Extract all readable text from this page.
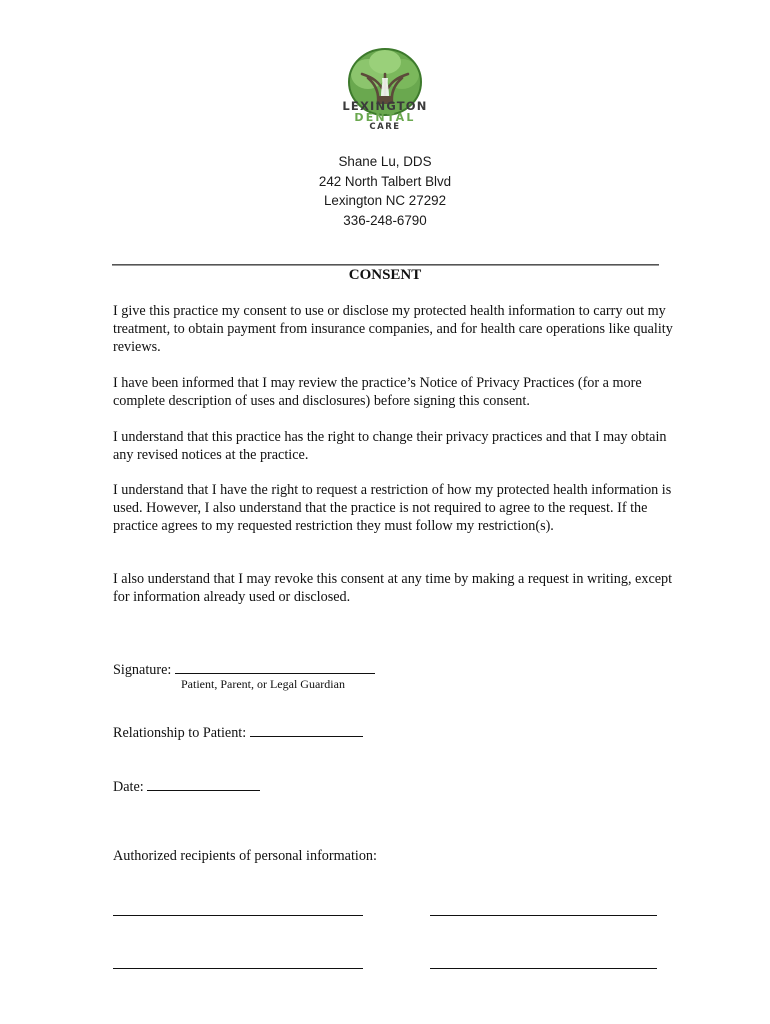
LEXINGTON
DENTAL
CARE
Shane Lu, DDS
242 North Talbert Blvd
Lexington NC 27292
336-248-6790
CONSENT

I give this practice my consent to use or disclose my protected health information to carry out my treatment, to obtain payment from insurance companies, and for health care operations like quality reviews.

I have been informed that I may review the practice’s Notice of Privacy Practices (for a more complete description of uses and disclosures) before signing this consent.

I understand that this practice has the right to change their privacy practices and that I may obtain any revised notices at the practice.

I understand that I have the right to request a restriction of how my protected health information is used. However, I also understand that the practice is not required to agree to the request. If the practice agrees to my requested restriction they must follow my restriction(s).

I also understand that I may revoke this consent at any time by making a request in writing, except for information already used or disclosed.

Signature:
Patient, Parent, or Legal Guardian
Relationship to Patient:
Date:
Authorized recipients of personal information:
